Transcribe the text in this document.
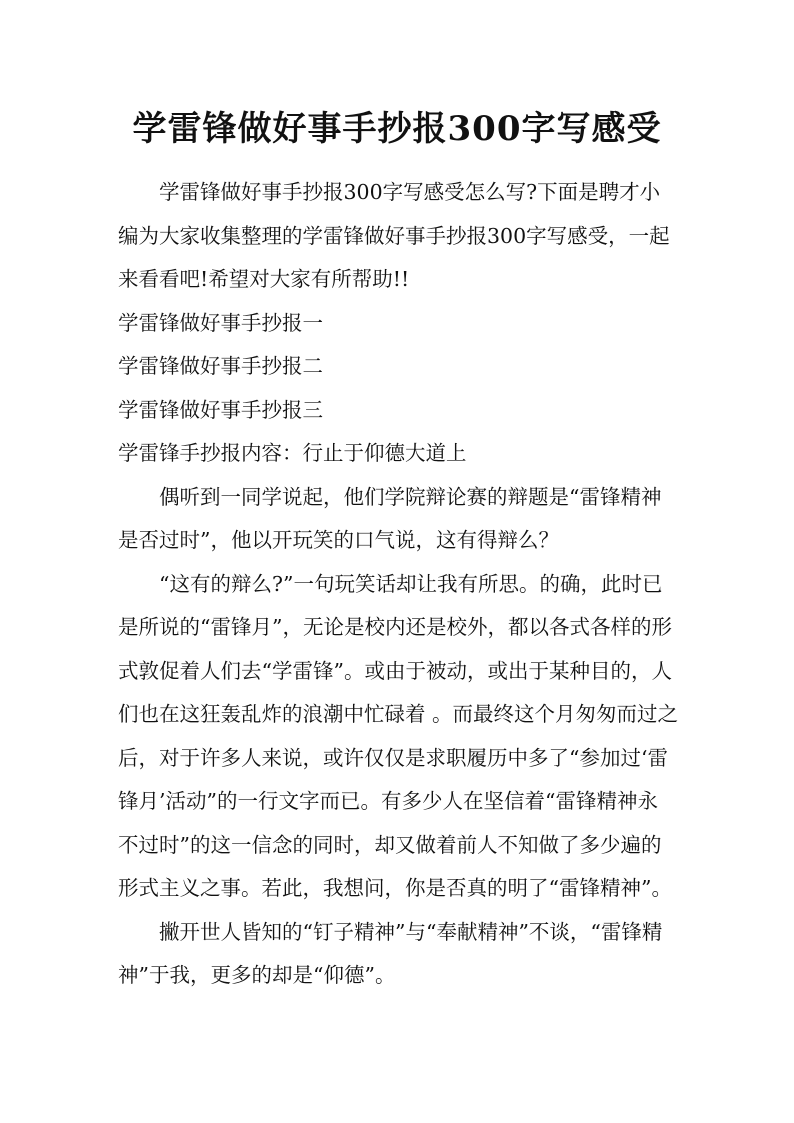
学雷锋做好事手抄报300字写感受

学雷锋做好事手抄报300字写感受怎么写?下面是聘才小编为大家收集整理的学雷锋做好事手抄报300字写感受，一起来看看吧!希望对大家有所帮助!!

学雷锋做好事手抄报一

学雷锋做好事手抄报二

学雷锋做好事手抄报三

学雷锋手抄报内容：行止于仰德大道上

偶听到一同学说起，他们学院辩论赛的辩题是“雷锋精神是否过时”，他以开玩笑的口气说，这有得辩么？

“这有的辩么?”一句玩笑话却让我有所思。的确，此时已是所说的“雷锋月”，无论是校内还是校外，都以各式各样的形式敦促着人们去“学雷锋”。或由于被动，或出于某种目的，人们也在这狂轰乱炸的浪潮中忙碌着 。而最终这个月匆匆而过之后，对于许多人来说，或许仅仅是求职履历中多了“参加过‘雷锋月’活动”的一行文字而已。有多少人在坚信着“雷锋精神永不过时”的这一信念的同时，却又做着前人不知做了多少遍的形式主义之事。若此，我想问，你是否真的明了“雷锋精神”。

撇开世人皆知的“钉子精神”与“奉献精神”不谈，“雷锋精神”于我，更多的却是“仰德”。
